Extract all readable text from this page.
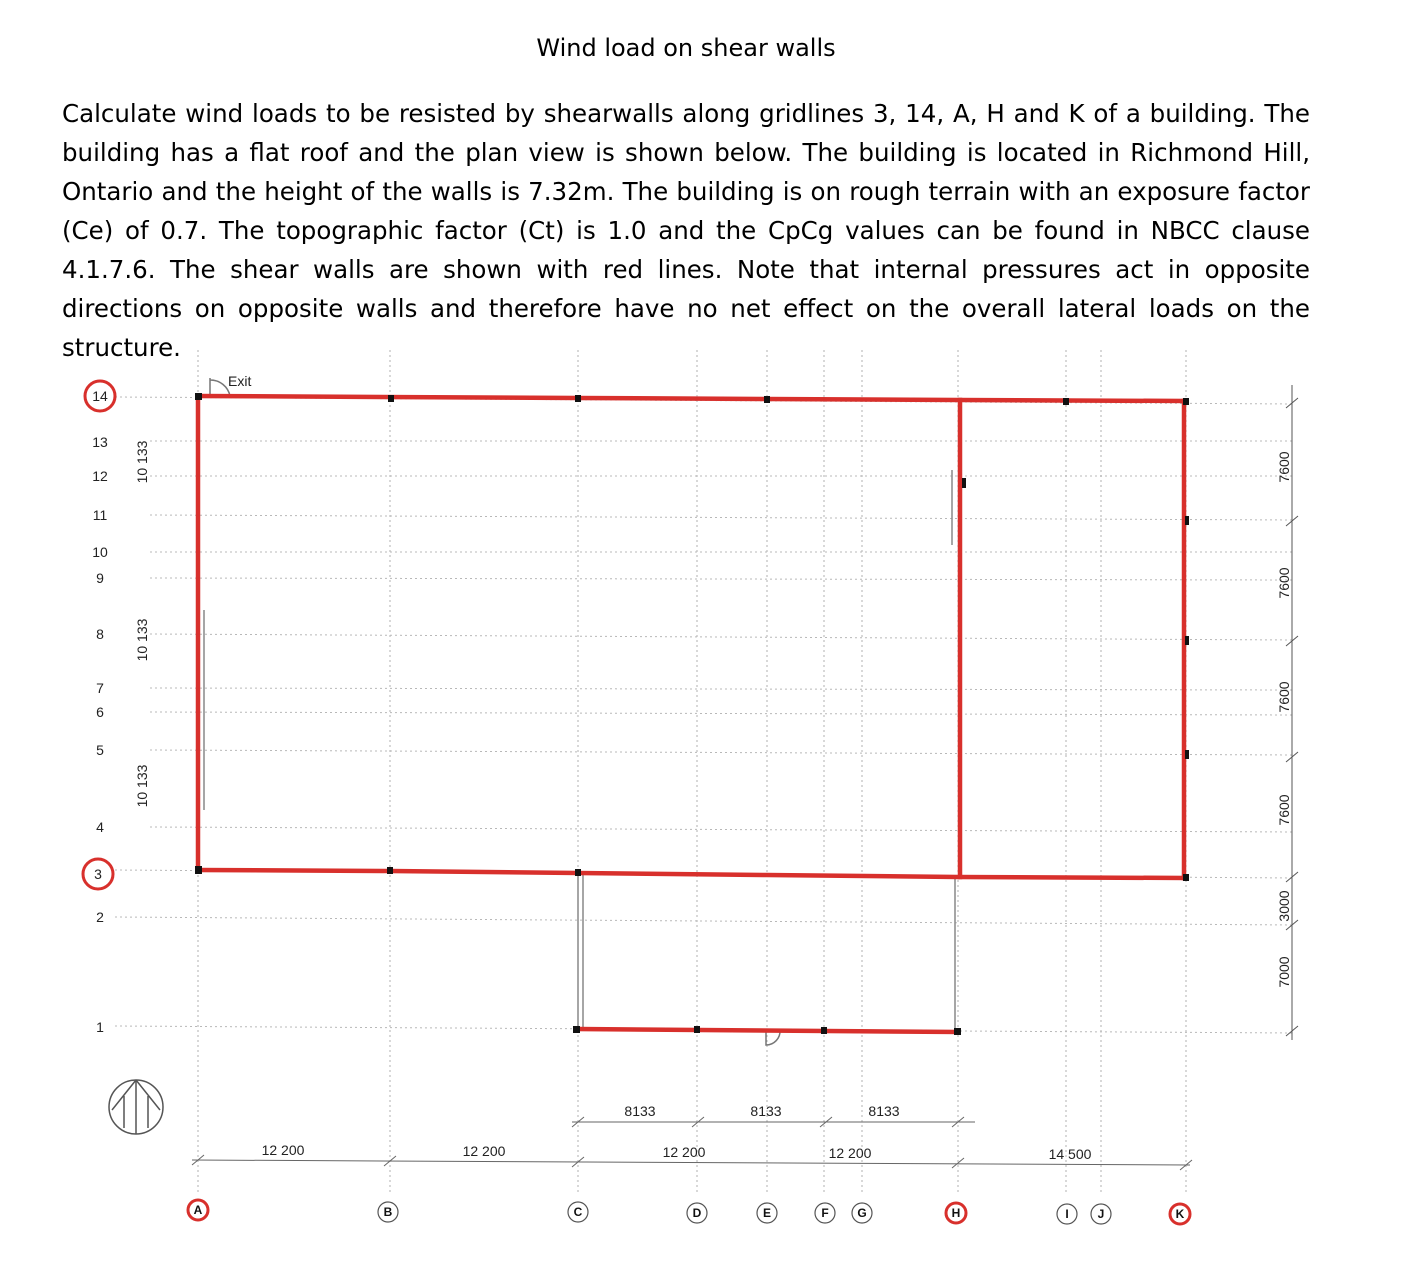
Wind load on shear walls
Calculate wind loads to be resisted by shearwalls along gridlines 3, 14, A, H and K of a building. The building has a flat roof and the plan view is shown below. The building is located in Richmond Hill, Ontario and the height of the walls is 7.32m. The building is on rough terrain with an exposure factor (Ce) of 0.7. The topographic factor (Ct) is 1.0 and the CpCg values can be found in NBCC clause 4.1.7.6. The shear walls are shown with red lines. Note that internal pressures act in opposite directions on opposite walls and therefore have no net effect on the overall lateral loads on the structure.
Exit
14
13
12
11
10
9
8
7
6
5
4
3
2
1
10 133
10 133
10 133
7600
7600
7600
7600
3000
7000
8133	8133	8133
12 200	12 200	12 200	12 200	14 500
A	B	C	D	E	F G	H	I J	K
